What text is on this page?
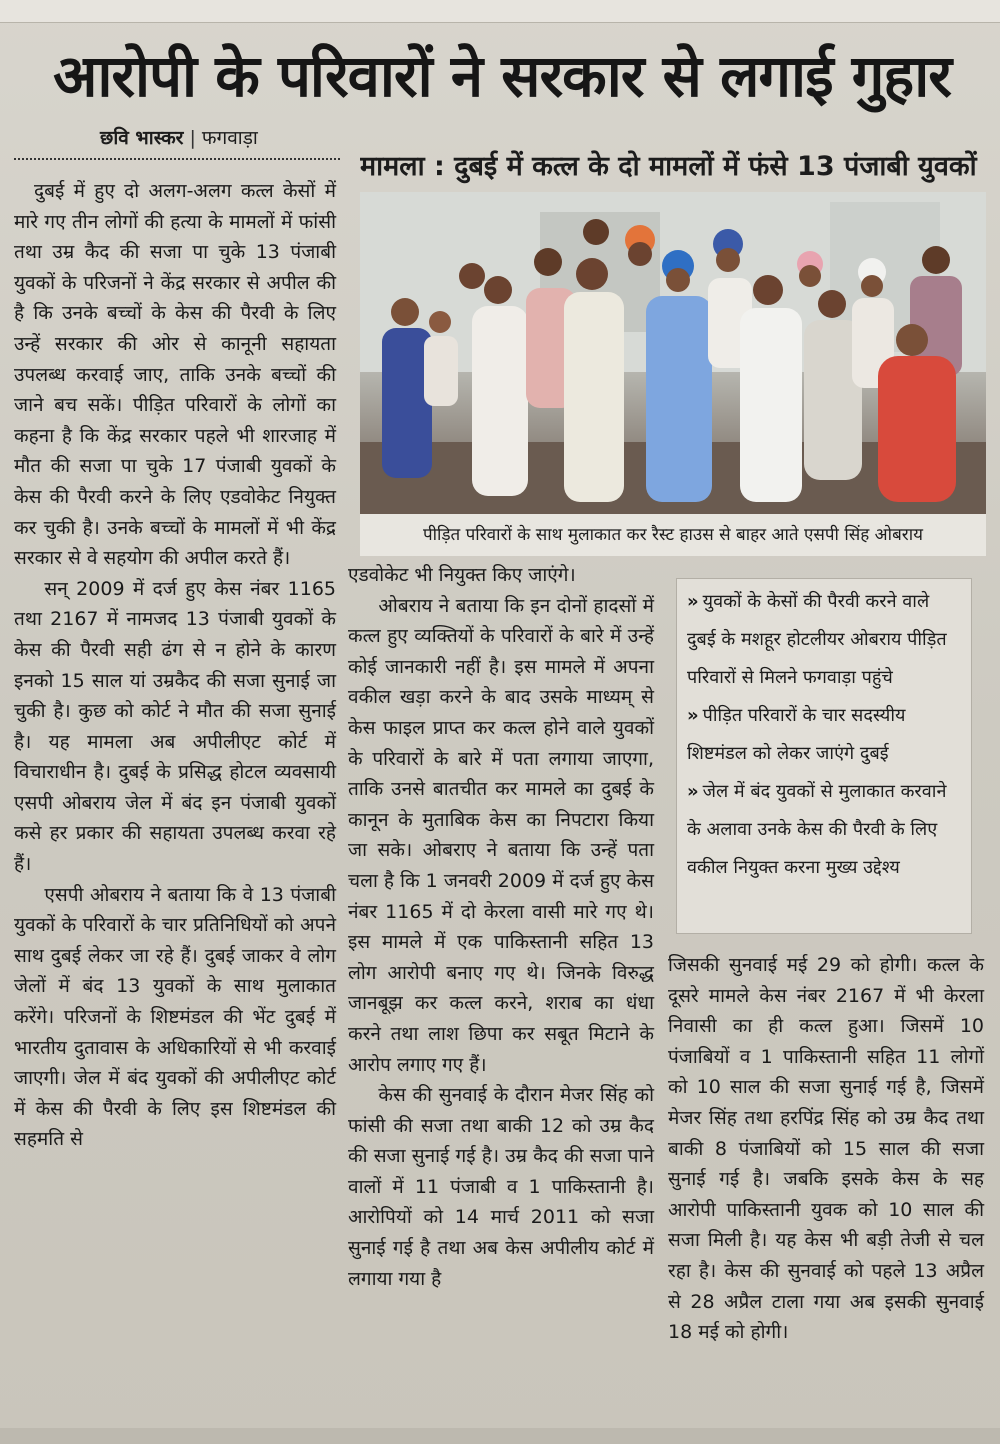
आरोपी के परिवारों ने सरकार से लगाई गुहार
छवि भास्कर | फगवाड़ा
मामला : दुबई में कत्ल के दो मामलों में फंसे 13 पंजाबी युवकों
पीड़ित परिवारों के साथ मुलाकात कर रैस्ट हाउस से बाहर आते एसपी सिंह ओबराय

दुबई में हुए दो अलग-अलग कत्ल केसों में मारे गए तीन लोगों की हत्या के मामलों में फांसी तथा उम्र कैद की सजा पा चुके 13 पंजाबी युवकों के परिजनों ने केंद्र सरकार से अपील की है कि उनके बच्चों के केस की पैरवी के लिए उन्हें सरकार की ओर से कानूनी सहायता उपलब्ध करवाई जाए, ताकि उनके बच्चों की जाने बच सकें। पीड़ित परिवारों के लोगों का कहना है कि केंद्र सरकार पहले भी शारजाह में मौत की सजा पा चुके 17 पंजाबी युवकों के केस की पैरवी करने के लिए एडवोकेट नियुक्त कर चुकी है। उनके बच्चों के मामलों में भी केंद्र सरकार से वे सहयोग की अपील करते हैं।

सन् 2009 में दर्ज हुए केस नंबर 1165 तथा 2167 में नामजद 13 पंजाबी युवकों के केस की पैरवी सही ढंग से न होने के कारण इनको 15 साल यां उम्रकैद की सजा सुनाई जा चुकी है। कुछ को कोर्ट ने मौत की सजा सुनाई है। यह मामला अब अपीलीएट कोर्ट में विचाराधीन है। दुबई के प्रसिद्ध होटल व्यवसायी एसपी ओबराय जेल में बंद इन पंजाबी युवकों कसे हर प्रकार की सहायता उपलब्ध करवा रहे हैं।

एसपी ओबराय ने बताया कि वे 13 पंजाबी युवकों के परिवारों के चार प्रतिनिधियों को अपने साथ दुबई लेकर जा रहे हैं। दुबई जाकर वे लोग जेलों में बंद 13 युवकों के साथ मुलाकात करेंगे। परिजनों के शिष्टमंडल की भेंट दुबई में भारतीय दुतावास के अधिकारियों से भी करवाई जाएगी। जेल में बंद युवकों की अपीलीएट कोर्ट में केस की पैरवी के लिए इस शिष्टमंडल की सहमति से

एडवोकेट भी नियुक्त किए जाएंगे।

ओबराय ने बताया कि इन दोनों हादसों में कत्ल हुए व्यक्तियों के परिवारों के बारे में उन्हें कोई जानकारी नहीं है। इस मामले में अपना वकील खड़ा करने के बाद उसके माध्यम् से केस फाइल प्राप्त कर कत्ल होने वाले युवकों के परिवारों के बारे में पता लगाया जाएगा, ताकि उनसे बातचीत कर मामले का दुबई के कानून के मुताबिक केस का निपटारा किया जा सके। ओबराए ने बताया कि उन्हें पता चला है कि 1 जनवरी 2009 में दर्ज हुए केस नंबर 1165 में दो केरला वासी मारे गए थे। इस मामले में एक पाकिस्तानी सहित 13 लोग आरोपी बनाए गए थे। जिनके विरुद्ध जानबूझ कर कत्ल करने, शराब का धंधा करने तथा लाश छिपा कर सबूत मिटाने के आरोप लगाए गए हैं।

केस की सुनवाई के दौरान मेजर सिंह को फांसी की सजा तथा बाकी 12 को उम्र कैद की सजा सुनाई गई है। उम्र कैद की सजा पाने वालों में 11 पंजाबी व 1 पाकिस्तानी है। आरोपियों को 14 मार्च 2011 को सजा सुनाई गई है तथा अब केस अपीलीय कोर्ट में लगाया गया है

» युवकों के केसों की पैरवी करने वाले दुबई के मशहूर होटलीयर ओबराय पीड़ित परिवारों से मिलने फगवाड़ा पहुंचे
» पीड़ित परिवारों के चार सदस्यीय शिष्टमंडल को लेकर जाएंगे दुबई
» जेल में बंद युवकों से मुलाकात करवाने के अलावा उनके केस की पैरवी के लिए वकील नियुक्त करना मुख्य उद्देश्य

जिसकी सुनवाई मई 29 को होगी। कत्ल के दूसरे मामले केस नंबर 2167 में भी केरला निवासी का ही कत्ल हुआ। जिसमें 10 पंजाबियों व 1 पाकिस्तानी सहित 11 लोगों को 10 साल की सजा सुनाई गई है, जिसमें मेजर सिंह तथा हरपिंद्र सिंह को उम्र कैद तथा बाकी 8 पंजाबियों को 15 साल की सजा सुनाई गई है। जबकि इसके केस के सह आरोपी पाकिस्तानी युवक को 10 साल की सजा मिली है। यह केस भी बड़ी तेजी से चल रहा है। केस की सुनवाई को पहले 13 अप्रैल से 28 अप्रैल टाला गया अब इसकी सुनवाई 18 मई को होगी।
